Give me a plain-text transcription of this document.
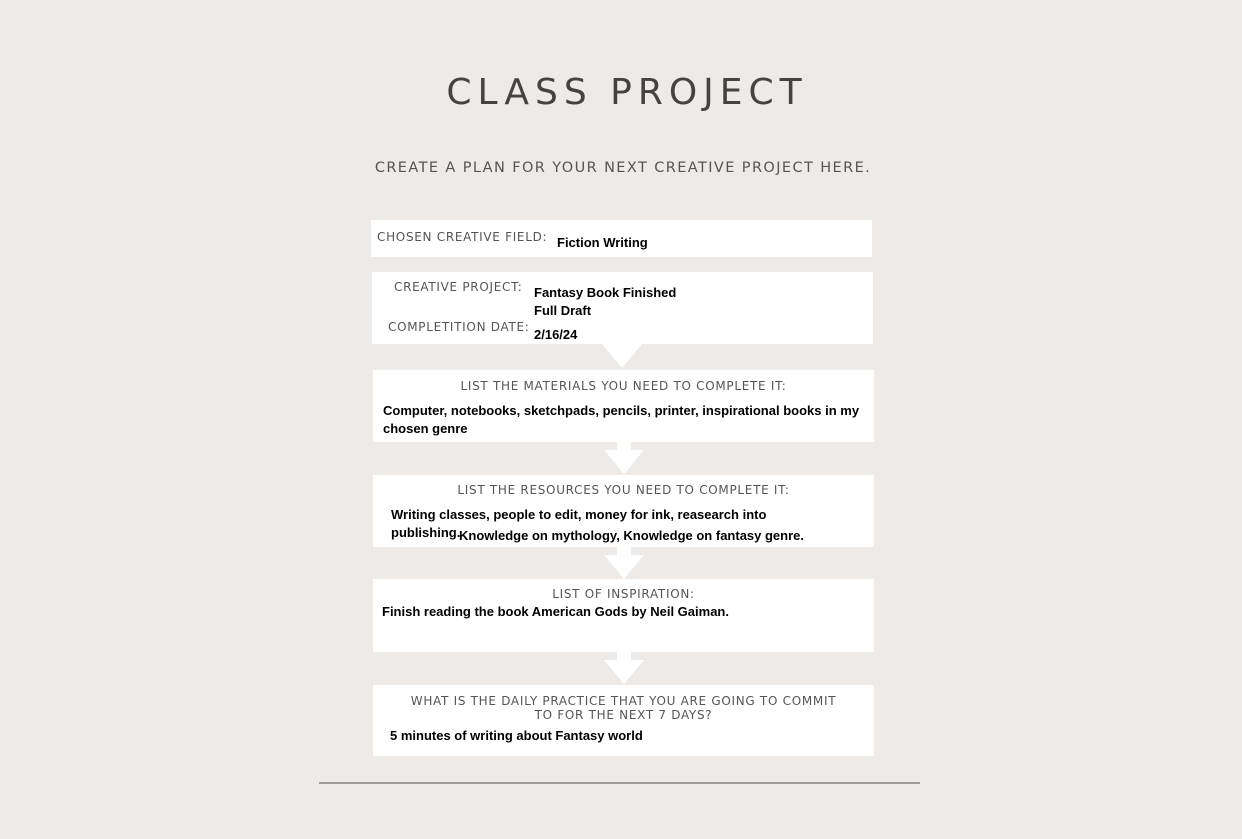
CLASS PROJECT

CREATE A PLAN FOR YOUR NEXT CREATIVE PROJECT HERE.

CHOSEN CREATIVE FIELD: Fiction Writing
CREATIVE PROJECT: Fantasy Book Finished
Full Draft
COMPLETITION DATE: 2/16/24
LIST THE MATERIALS YOU NEED TO COMPLETE IT:
Computer, notebooks, sketchpads, pencils, printer, inspirational books in my chosen genre
LIST THE RESOURCES YOU NEED TO COMPLETE IT:
Writing classes, people to edit, money for ink, reasearch into
publishing.
Knowledge on mythology, Knowledge on fantasy genre.
LIST OF INSPIRATION:
Finish reading the book American Gods by Neil Gaiman.
WHAT IS THE DAILY PRACTICE THAT YOU ARE GOING TO COMMIT TO FOR THE NEXT 7 DAYS?
5 minutes of writing about Fantasy world
